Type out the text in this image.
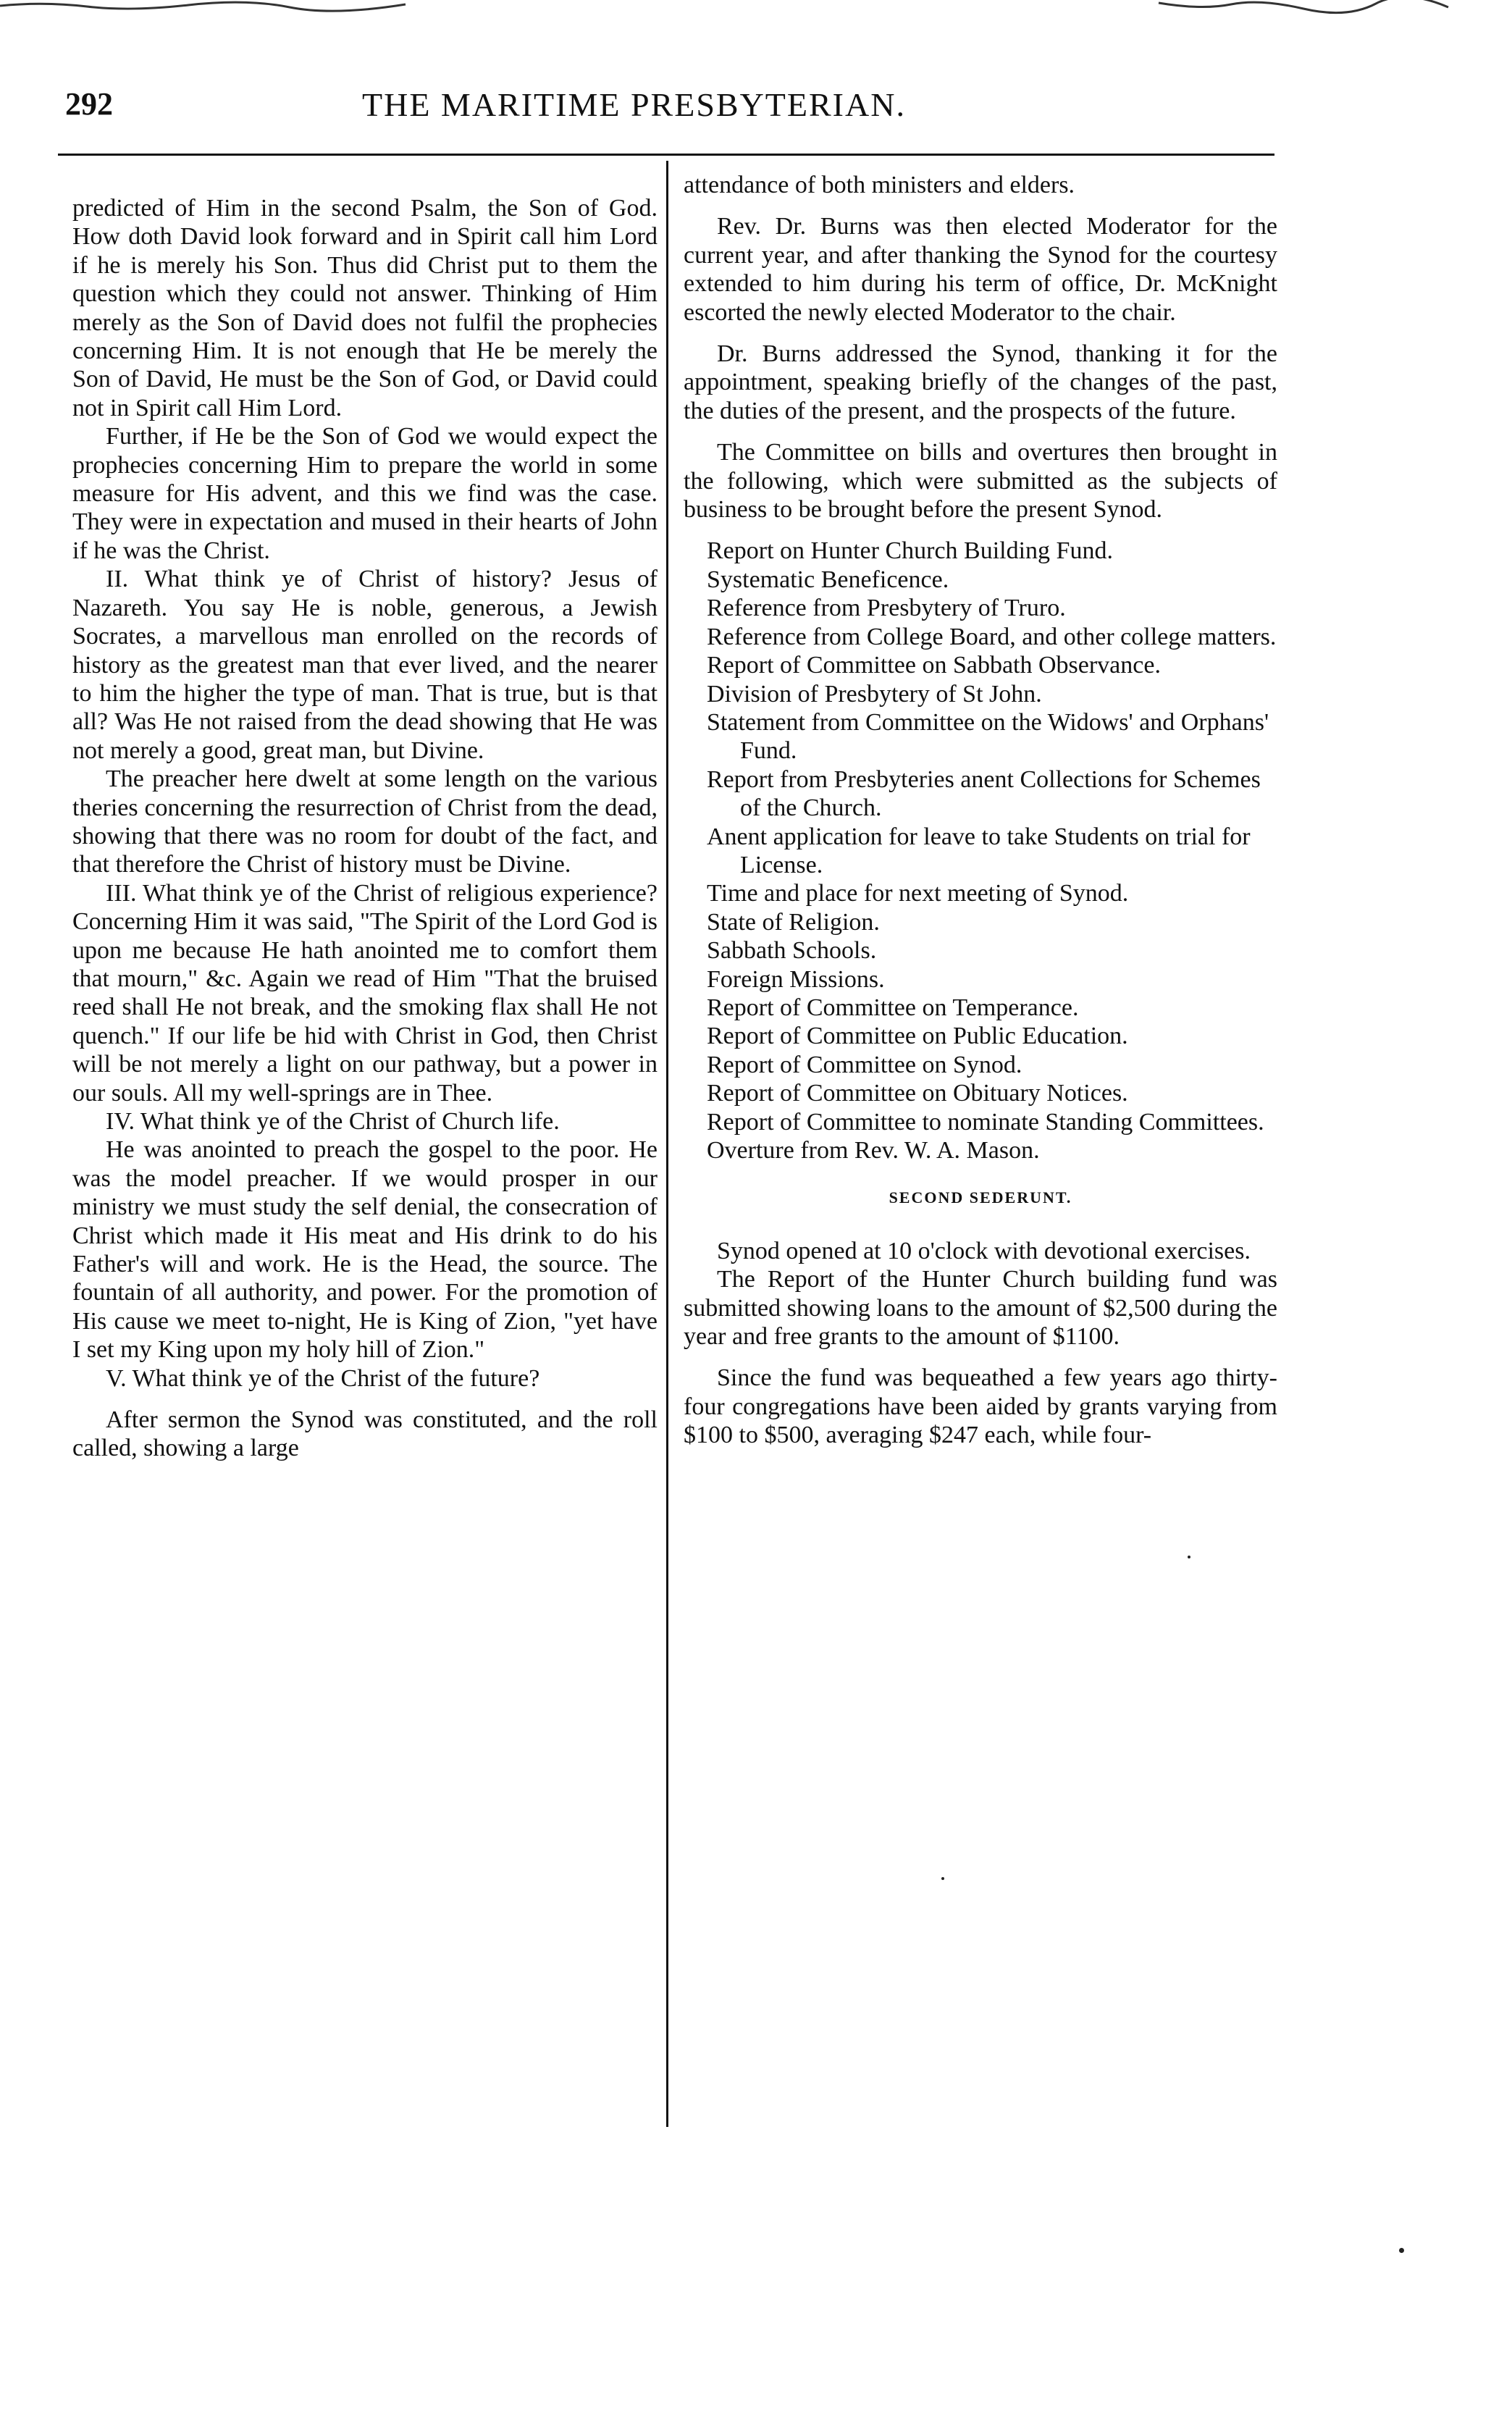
292	THE MARITIME PRESBYTERIAN.

predicted of Him in the second Psalm, the Son of God. How doth David look forward and in Spirit call him Lord if he is merely his Son. Thus did Christ put to them the question which they could not answer. Thinking of Him merely as the Son of David does not fulfil the prophecies concerning Him. It is not enough that He be merely the Son of David, He must be the Son of God, or David could not in Spirit call Him Lord.

Further, if He be the Son of God we would expect the prophecies concerning Him to prepare the world in some measure for His advent, and this we find was the case. They were in expectation and mused in their hearts of John if he was the Christ.

II. What think ye of Christ of history? Jesus of Nazareth. You say He is noble, generous, a Jewish Socrates, a marvellous man enrolled on the records of history as the greatest man that ever lived, and the nearer to him the higher the type of man. That is true, but is that all? Was He not raised from the dead showing that He was not merely a good, great man, but Divine.

The preacher here dwelt at some length on the various theries concerning the resurrection of Christ from the dead, showing that there was no room for doubt of the fact, and that therefore the Christ of history must be Divine.

III. What think ye of the Christ of religious experience? Concerning Him it was said, "The Spirit of the Lord God is upon me because He hath anointed me to comfort them that mourn," &c. Again we read of Him "That the bruised reed shall He not break, and the smoking flax shall He not quench." If our life be hid with Christ in God, then Christ will be not merely a light on our pathway, but a power in our souls. All my well-springs are in Thee.

IV. What think ye of the Christ of Church life.

He was anointed to preach the gospel to the poor. He was the model preacher. If we would prosper in our ministry we must study the self denial, the consecration of Christ which made it His meat and His drink to do his Father's will and work. He is the Head, the source. The fountain of all authority, and power. For the promotion of His cause we meet to-night, He is King of Zion, "yet have I set my King upon my holy hill of Zion."

V. What think ye of the Christ of the future?

After sermon the Synod was constituted, and the roll called, showing a large

attendance of both ministers and elders.

Rev. Dr. Burns was then elected Moderator for the current year, and after thanking the Synod for the courtesy extended to him during his term of office, Dr. McKnight escorted the newly elected Moderator to the chair.

Dr. Burns addressed the Synod, thanking it for the appointment, speaking briefly of the changes of the past, the duties of the present, and the prospects of the future.

The Committee on bills and overtures then brought in the following, which were submitted as the subjects of business to be brought before the present Synod.

Report on Hunter Church Building Fund.

Systematic Beneficence.

Reference from Presbytery of Truro.

Reference from College Board, and other college matters.

Report of Committee on Sabbath Observance.

Division of Presbytery of St John.

Statement from Committee on the Widows' and Orphans' Fund.

Report from Presbyteries anent Collections for Schemes of the Church.

Anent application for leave to take Students on trial for License.

Time and place for next meeting of Synod.

State of Religion.

Sabbath Schools.

Foreign Missions.

Report of Committee on Temperance.

Report of Committee on Public Education.

Report of Committee on Synod.

Report of Committee on Obituary Notices.

Report of Committee to nominate Standing Committees.

Overture from Rev. W. A. Mason.

SECOND SEDERUNT.

Synod opened at 10 o'clock with devotional exercises.

The Report of the Hunter Church building fund was submitted showing loans to the amount of $2,500 during the year and free grants to the amount of $1100.

Since the fund was bequeathed a few years ago thirty-four congregations have been aided by grants varying from $100 to $500, averaging $247 each, while four-
